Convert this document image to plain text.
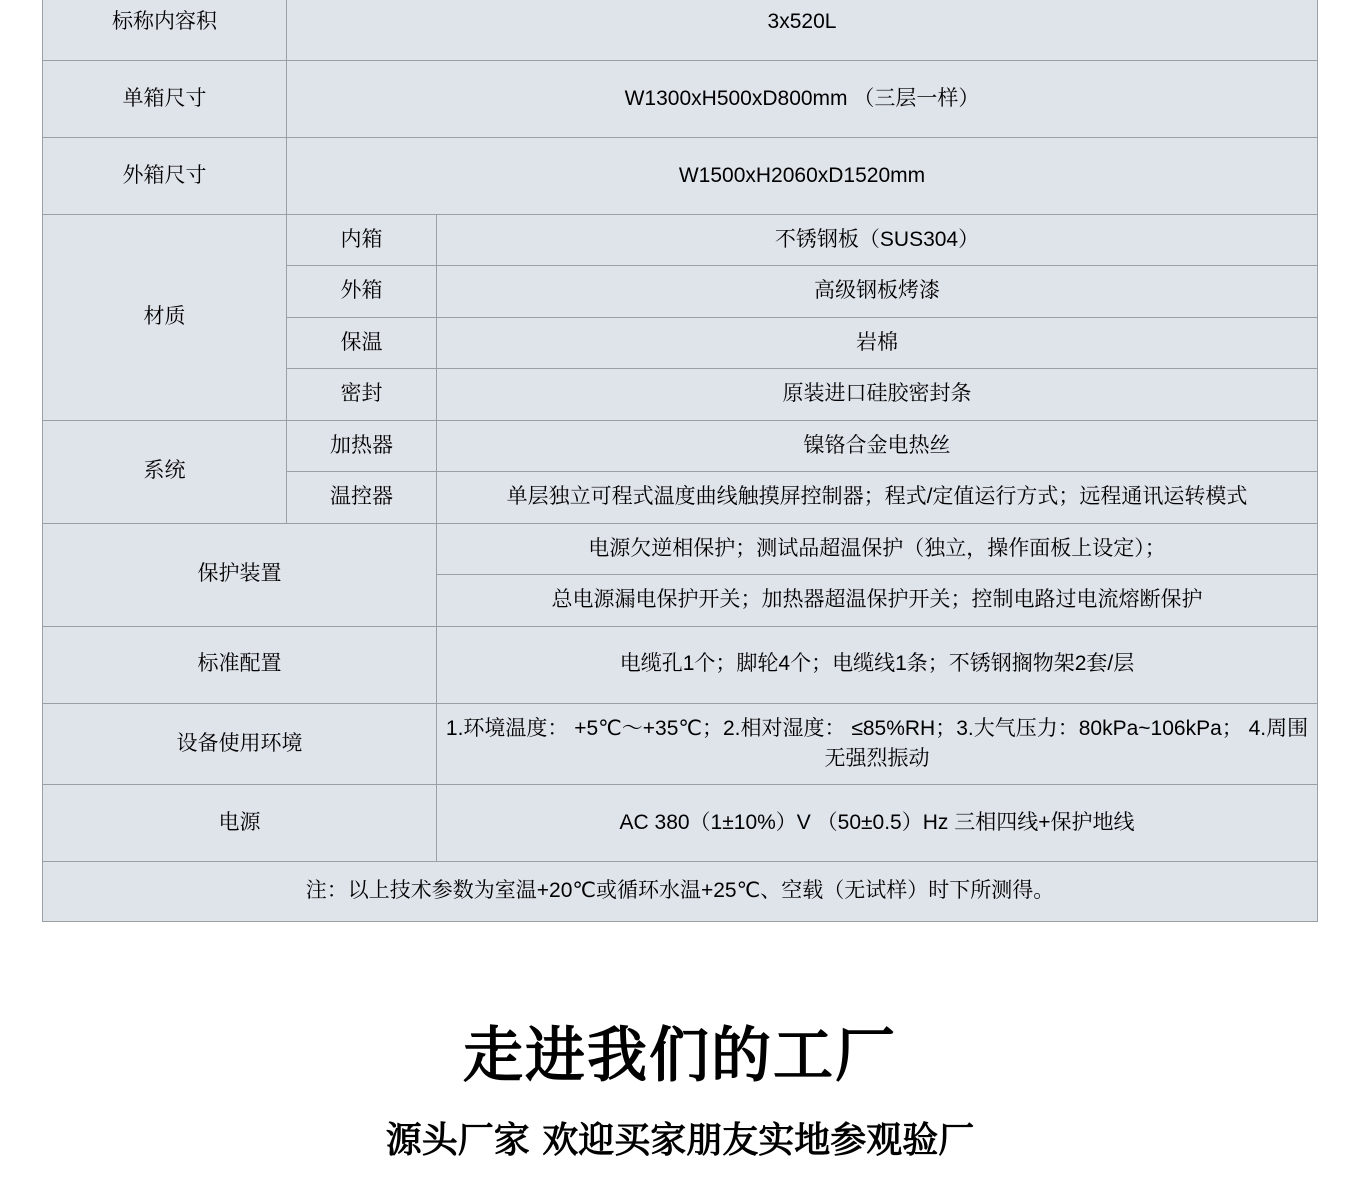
标称内容积	3x520L	
单箱尺寸	W1300xH500xD800mm （三层一样）	
外箱尺寸	W1500xH2060xD1520mm	
材质	内箱	不锈钢板（SUS304）
	外箱	高级钢板烤漆
	保温	岩棉
	密封	原装进口硅胶密封条
系统	加热器	镍铬合金电热丝
	温控器	单层独立可程式温度曲线触摸屏控制器；程式/定值运行方式；远程通讯运转模式
保护装置		电源欠逆相保护；测试品超温保护（独立，操作面板上设定）；
		总电源漏电保护开关；加热器超温保护开关；控制电路过电流熔断保护
标准配置		电缆孔1个；脚轮4个；电缆线1条；不锈钢搁物架2套/层
设备使用环境		1.环境温度： +5℃～+35℃；2.相对湿度： ≤85%RH；3.大气压力：80kPa~106kPa； 4.周围
无强烈振动

电源		AC 380（1±10%）V （50±0.5）Hz 三相四线+保护地线
注：以上技术参数为室温+20℃或循环水温+25℃、空载（无试样）时下所测得。		
走进我们的工厂
源头厂家 欢迎买家朋友实地参观验厂
